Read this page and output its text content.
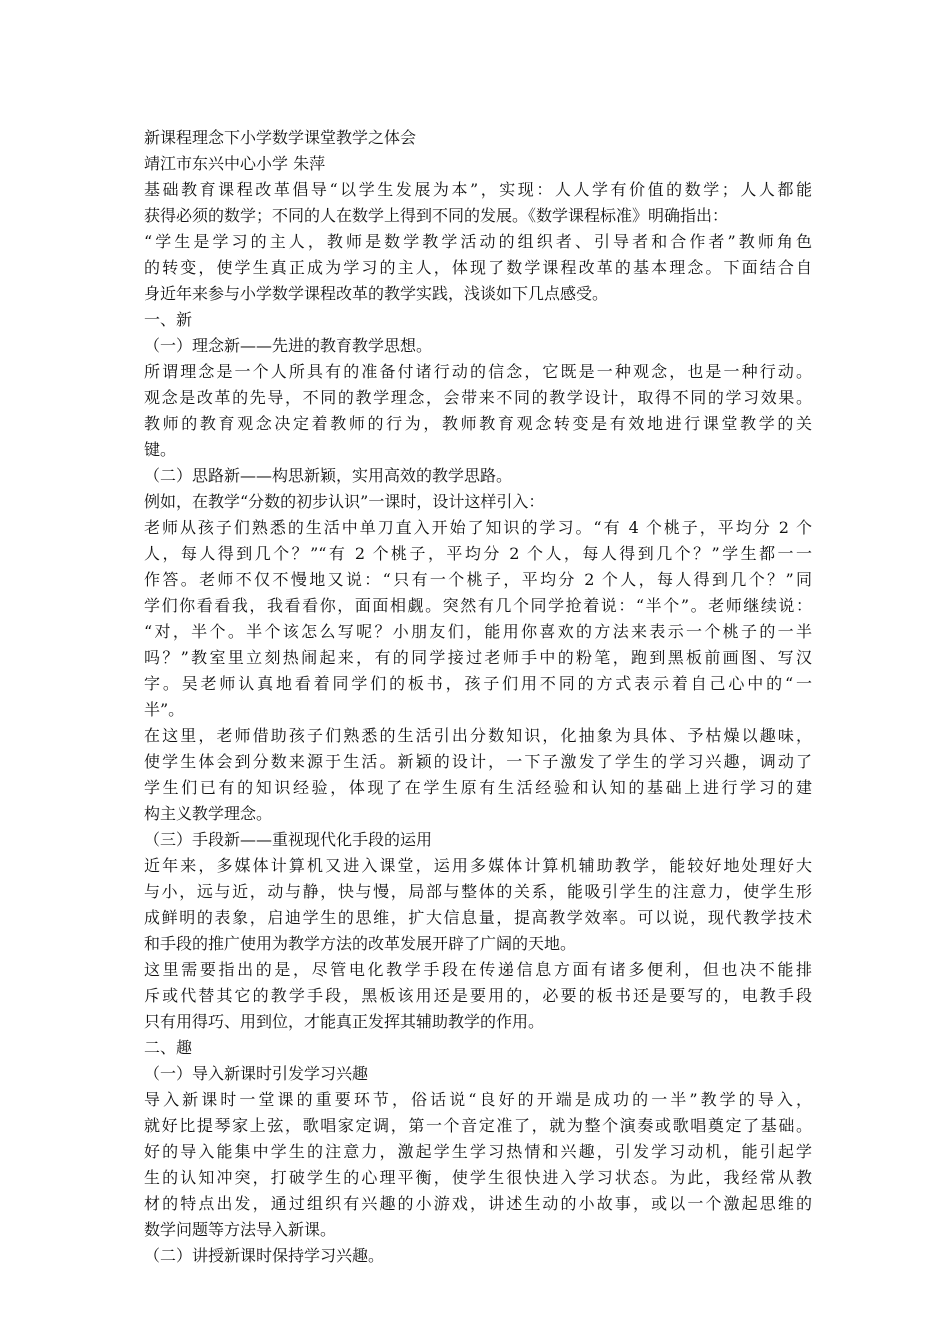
新课程理念下小学数学课堂教学之体会

靖江市东兴中心小学 朱萍

基础教育课程改革倡导“以学生发展为本”，实现：人人学有价值的数学；人人都能

获得必须的数学；不同的人在数学上得到不同的发展。《数学课程标准》明确指出：

“学生是学习的主人，教师是数学教学活动的组织者、引导者和合作者”教师角色

的转变，使学生真正成为学习的主人，体现了数学课程改革的基本理念。下面结合自

身近年来参与小学数学课程改革的教学实践，浅谈如下几点感受。

一、新

（一）理念新——先进的教育教学思想。

所谓理念是一个人所具有的准备付诸行动的信念，它既是一种观念，也是一种行动。

观念是改革的先导，不同的教学理念，会带来不同的教学设计，取得不同的学习效果。

教师的教育观念决定着教师的行为，教师教育观念转变是有效地进行课堂教学的关

键。

（二）思路新——构思新颖，实用高效的教学思路。

例如，在教学“分数的初步认识”一课时，设计这样引入：

老师从孩子们熟悉的生活中单刀直入开始了知识的学习。“有 4 个桃子，平均分 2 个

人，每人得到几个？”“有 2 个桃子，平均分 2 个人，每人得到几个？”学生都一一

作答。老师不仅不慢地又说：“只有一个桃子，平均分 2 个人，每人得到几个？”同

学们你看看我，我看看你，面面相觑。突然有几个同学抢着说：“半个”。老师继续说：

“对，半个。半个该怎么写呢？小朋友们，能用你喜欢的方法来表示一个桃子的一半

吗？”教室里立刻热闹起来，有的同学接过老师手中的粉笔，跑到黑板前画图、写汉

字。吴老师认真地看着同学们的板书，孩子们用不同的方式表示着自己心中的“一

半”。

在这里，老师借助孩子们熟悉的生活引出分数知识，化抽象为具体、予枯燥以趣味，

使学生体会到分数来源于生活。新颖的设计，一下子激发了学生的学习兴趣，调动了

学生们已有的知识经验，体现了在学生原有生活经验和认知的基础上进行学习的建

构主义教学理念。

（三）手段新——重视现代化手段的运用

近年来，多媒体计算机又进入课堂，运用多媒体计算机辅助教学，能较好地处理好大

与小，远与近，动与静，快与慢，局部与整体的关系，能吸引学生的注意力，使学生形

成鲜明的表象，启迪学生的思维，扩大信息量，提高教学效率。可以说，现代教学技术

和手段的推广使用为教学方法的改革发展开辟了广阔的天地。

这里需要指出的是，尽管电化教学手段在传递信息方面有诸多便利，但也决不能排

斥或代替其它的教学手段，黑板该用还是要用的，必要的板书还是要写的，电教手段

只有用得巧、用到位，才能真正发挥其辅助教学的作用。

二、趣

（一）导入新课时引发学习兴趣

导入新课时一堂课的重要环节，俗话说“良好的开端是成功的一半”教学的导入，

就好比提琴家上弦，歌唱家定调，第一个音定准了，就为整个演奏或歌唱奠定了基础。

好的导入能集中学生的注意力，激起学生学习热情和兴趣，引发学习动机，能引起学

生的认知冲突，打破学生的心理平衡，使学生很快进入学习状态。为此，我经常从教

材的特点出发，通过组织有兴趣的小游戏，讲述生动的小故事，或以一个激起思维的

数学问题等方法导入新课。

（二）讲授新课时保持学习兴趣。
